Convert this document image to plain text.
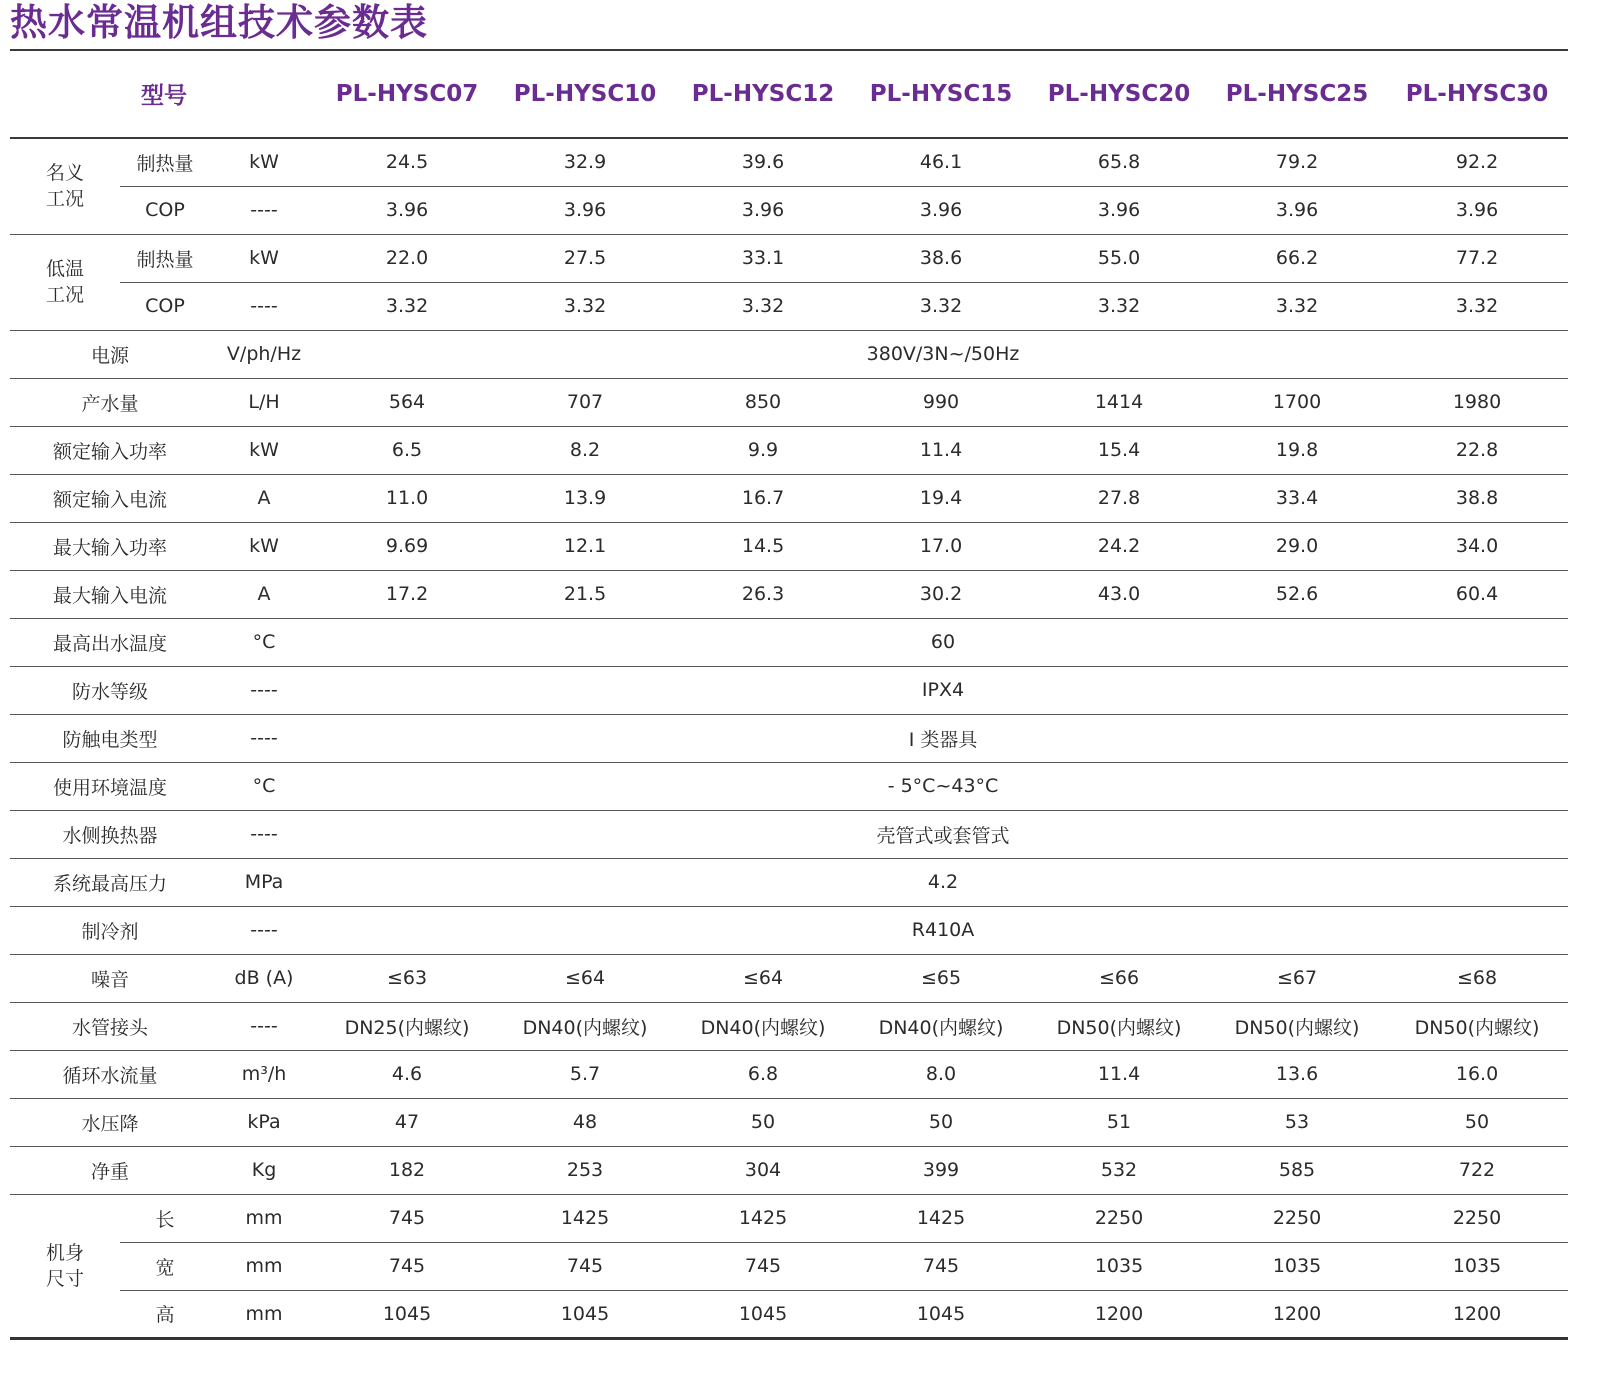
热水常温机组技术参数表
型号			PL-HYSC07	PL-HYSC10	PL-HYSC12	PL-HYSC15	PL-HYSC20	PL-HYSC25	PL-HYSC30
名义
工况	制热量	kW	24.5	32.9	39.6	46.1	65.8	79.2	92.2
	COP	----	3.96	3.96	3.96	3.96	3.96	3.96	3.96
低温
工况	制热量	kW	22.0	27.5	33.1	38.6	55.0	66.2	77.2
	COP	----	3.32	3.32	3.32	3.32	3.32	3.32	3.32
电源		V/ph/Hz	380V/3N~/50Hz						
产水量		L/H	564	707	850	990	1414	1700	1980
额定输入功率		kW	6.5	8.2	9.9	11.4	15.4	19.8	22.8
额定输入电流		A	11.0	13.9	16.7	19.4	27.8	33.4	38.8
最大输入功率		kW	9.69	12.1	14.5	17.0	24.2	29.0	34.0
最大输入电流		A	17.2	21.5	26.3	30.2	43.0	52.6	60.4
最高出水温度		°C	60						
防水等级		----	IPX4						
防触电类型		----	I 类器具						
使用环境温度		°C	- 5°C~43°C						
水侧换热器		----	壳管式或套管式						
系统最高压力		MPa	4.2						
制冷剂		----	R410A						
噪音		dB (A)	≤63	≤64	≤64	≤65	≤66	≤67	≤68
水管接头		----	DN25(内螺纹)	DN40(内螺纹)	DN40(内螺纹)	DN40(内螺纹)	DN50(内螺纹)	DN50(内螺纹)	DN50(内螺纹)
循环水流量		m³/h	4.6	5.7	6.8	8.0	11.4	13.6	16.0
水压降		kPa	47	48	50	50	51	53	50
净重		Kg	182	253	304	399	532	585	722
机身
尺寸	长	mm	745	1425	1425	1425	2250	2250	2250
	宽	mm	745	745	745	745	1035	1035	1035
	高	mm	1045	1045	1045	1045	1200	1200	1200
